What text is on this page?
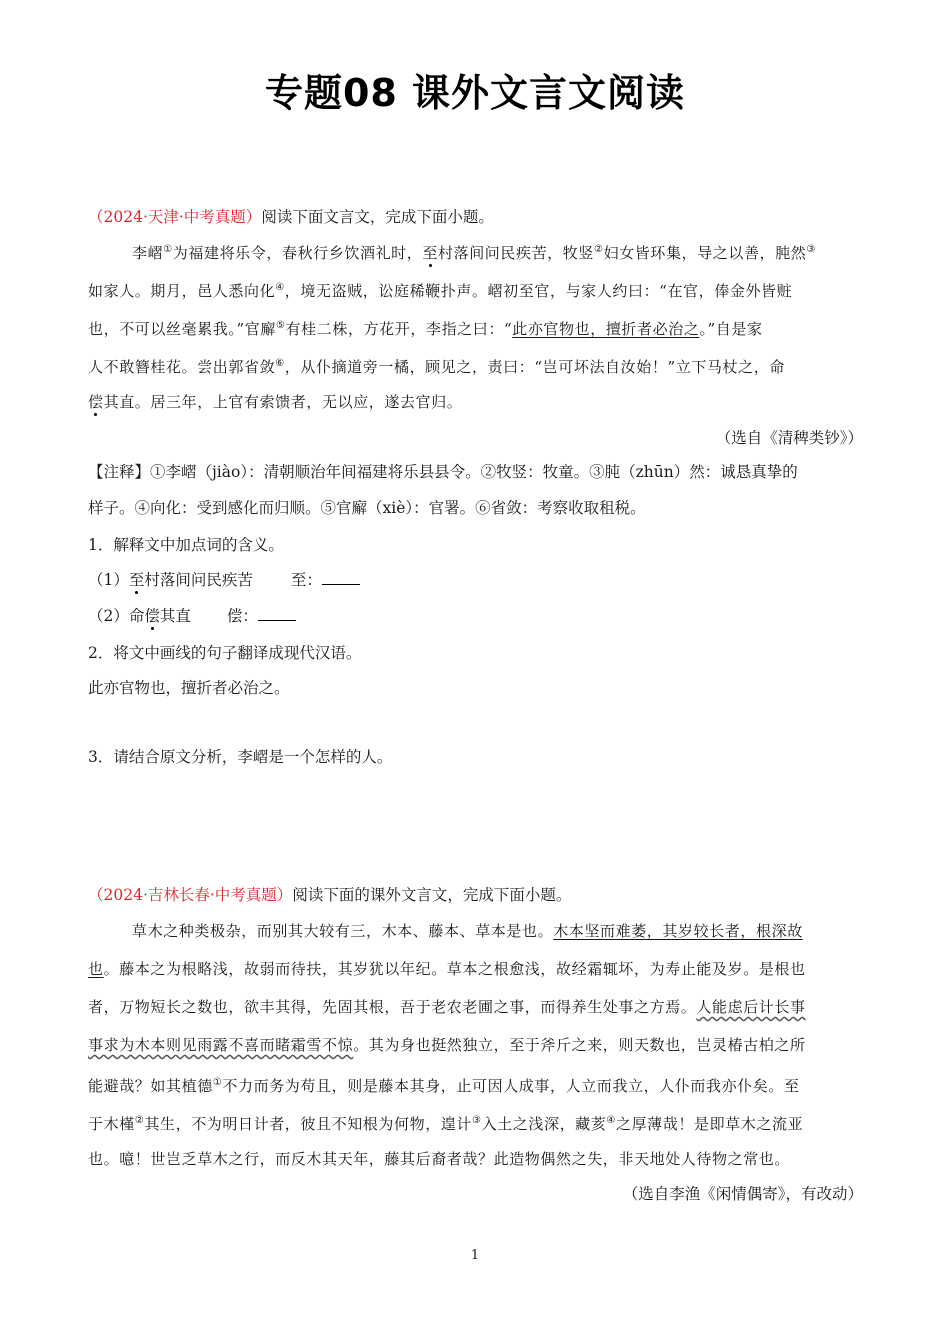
专题08 课外文言文阅读
（2024·天津·中考真题）阅读下面文言文，完成下面小题。
李嶍①为福建将乐令，春秋行乡饮酒礼时，至村落间问民疾苦，牧竖②妇女皆环集，导之以善，肫然③
如家人。期月，邑人悉向化④，境无盗贼，讼庭稀鞭扑声。嶍初至官，与家人约曰：“在官，俸金外皆赃
也，不可以丝毫累我。”官廨⑤有桂二株，方花开，李指之曰：“此亦官物也，擅折者必治之。”自是家
人不敢簪桂花。尝出郭省敛⑥，从仆摘道旁一橘，顾见之，责曰：“岂可坏法自汝始！”立下马杖之，命
偿其直。居三年，上官有索馈者，无以应，遂去官归。
（选自《清稗类钞》）
【注释】①李嶍（jiào）：清朝顺治年间福建将乐县县令。②牧竖：牧童。③肫（zhūn）然：诚恳真挚的
样子。④向化：受到感化而归顺。⑤官廨（xiè）：官署。⑥省敛：考察收取租税。
1．解释文中加点词的含义。
（1）至村落间问民疾苦 至：
（2）命偿其直 偿：
2．将文中画线的句子翻译成现代汉语。
此亦官物也，擅折者必治之。
3．请结合原文分析，李嶍是一个怎样的人。
（2024·吉林长春·中考真题）阅读下面的课外文言文，完成下面小题。
草木之种类极杂，而别其大较有三，木本、藤本、草本是也。木本坚而难萎，其岁较长者，根深故
也。藤本之为根略浅，故弱而待扶，其岁犹以年纪。草本之根愈浅，故经霜辄坏，为寿止能及岁。是根也
者，万物短长之数也，欲丰其得，先固其根，吾于老农老圃之事，而得养生处事之方焉。人能虑后计长事
事求为木本则见雨露不喜而睹霜雪不惊。其为身也挺然独立，至于斧斤之来，则天数也，岂灵椿古柏之所
能避哉？如其植德①不力而务为苟且，则是藤本其身，止可因人成事，人立而我立，人仆而我亦仆矣。至
于木槿②其生，不为明日计者，彼且不知根为何物，遑计③入土之浅深，藏荄④之厚薄哉！是即草木之流亚
也。噫！世岂乏草木之行，而反木其天年，藤其后裔者哉？此造物偶然之失，非天地处人待物之常也。
（选自李渔《闲情偶寄》，有改动）
1
